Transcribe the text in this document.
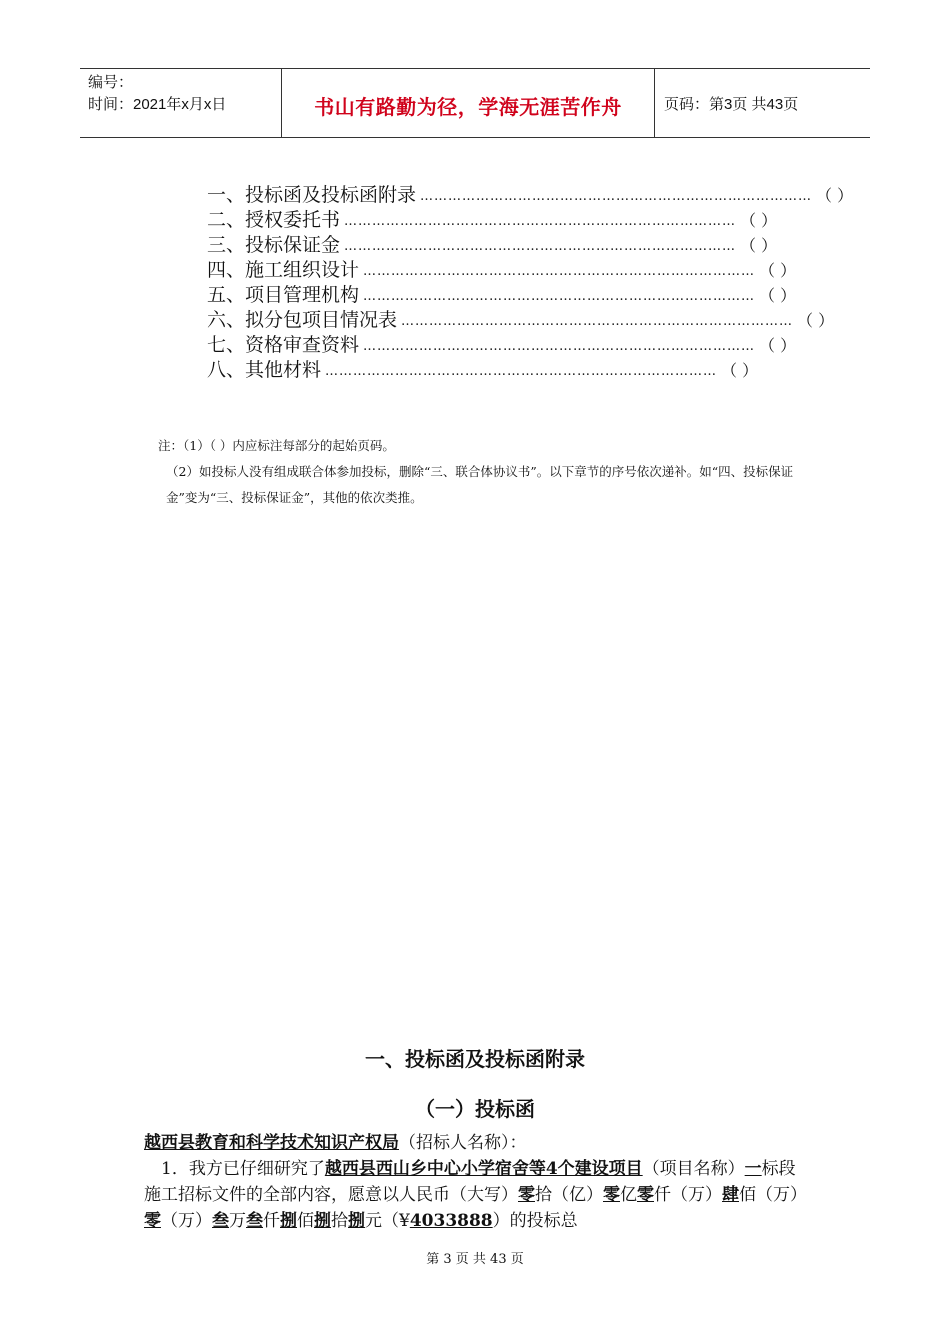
编号：
时间：2021年x月x日	书山有路勤为径，学海无涯苦作舟	页码：第3页 共43页
一、投标函及投标函附录 ………………………………………………………………………… （ ）
二、授权委托书 ………………………………………………………………………… （ ）
三、投标保证金 ………………………………………………………………………… （ ）
四、施工组织设计 ………………………………………………………………………… （ ）
五、项目管理机构 ………………………………………………………………………… （ ）
六、拟分包项目情况表 ………………………………………………………………………… （ ）
七、资格审查资料 ………………………………………………………………………… （ ）
八、其他材料 ………………………………………………………………………… （ ）
注：（1）（ ）内应标注每部分的起始页码。
（2）如投标人没有组成联合体参加投标，删除“三、联合体协议书”。以下章节的序号依次递补。如“四、投标保证金”变为“三、投标保证金”，其他的依次类推。
一、投标函及投标函附录
（一）投标函
越西县教育和科学技术知识产权局（招标人名称）：
1．我方已仔细研究了越西县西山乡中心小学宿舍等4个建设项目（项目名称）一标段施工招标文件的全部内容，愿意以人民币（大写）零拾（亿）零亿零仟（万）肆佰（万）零（万）叁万叁仟捌佰捌拾捌元（¥4033888）的投标总
第 3 页 共 43 页
